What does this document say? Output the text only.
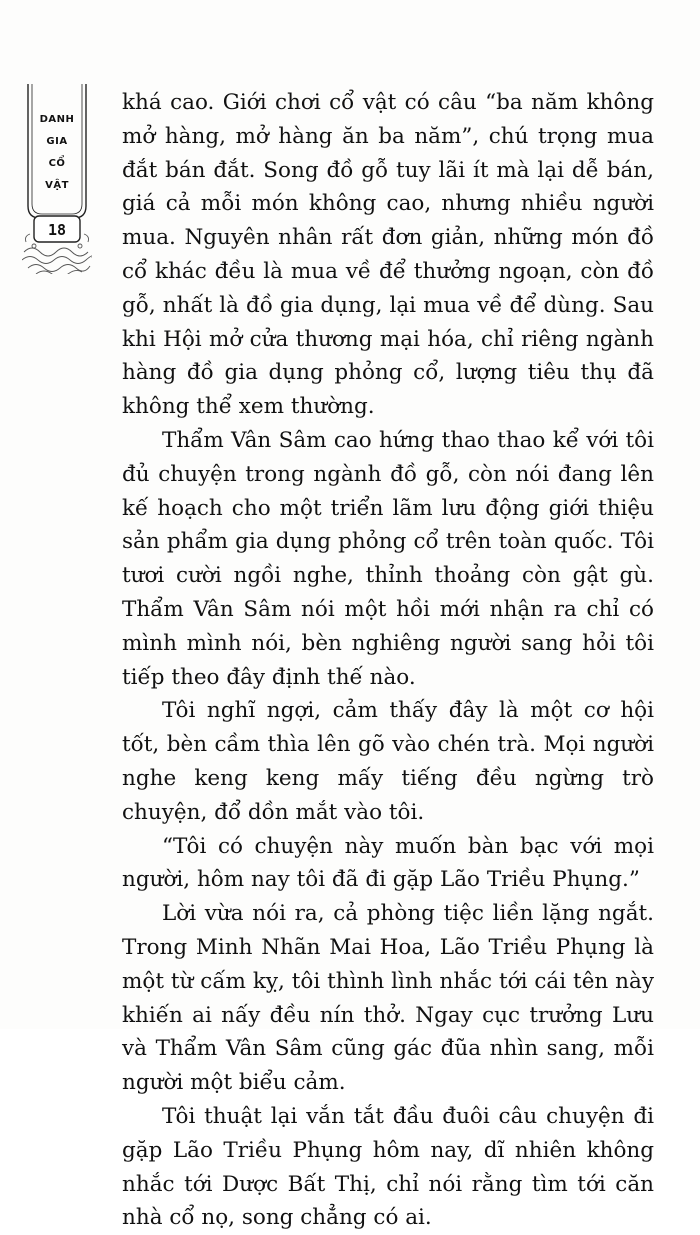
DANH
GIA
CỔ
VẬT
18

khá cao. Giới chơi cổ vật có câu “ba năm không mở hàng, mở hàng ăn ba năm”, chú trọng mua đắt bán đắt. Song đồ gỗ tuy lãi ít mà lại dễ bán, giá cả mỗi món không cao, nhưng nhiều người mua. Nguyên nhân rất đơn giản, những món đồ cổ khác đều là mua về để thưởng ngoạn, còn đồ gỗ, nhất là đồ gia dụng, lại mua về để dùng. Sau khi Hội mở cửa thương mại hóa, chỉ riêng ngành hàng đồ gia dụng phỏng cổ, lượng tiêu thụ đã không thể xem thường.

Thẩm Vân Sâm cao hứng thao thao kể với tôi đủ chuyện trong ngành đồ gỗ, còn nói đang lên kế hoạch cho một triển lãm lưu động giới thiệu sản phẩm gia dụng phỏng cổ trên toàn quốc. Tôi tươi cười ngồi nghe, thỉnh thoảng còn gật gù. Thẩm Vân Sâm nói một hồi mới nhận ra chỉ có mình mình nói, bèn nghiêng người sang hỏi tôi tiếp theo đây định thế nào.

Tôi nghĩ ngợi, cảm thấy đây là một cơ hội tốt, bèn cầm thìa lên gõ vào chén trà. Mọi người nghe keng keng mấy tiếng đều ngừng trò chuyện, đổ dồn mắt vào tôi.

“Tôi có chuyện này muốn bàn bạc với mọi người, hôm nay tôi đã đi gặp Lão Triều Phụng.”

Lời vừa nói ra, cả phòng tiệc liền lặng ngắt. Trong Minh Nhãn Mai Hoa, Lão Triều Phụng là một từ cấm kỵ, tôi thình lình nhắc tới cái tên này khiến ai nấy đều nín thở. Ngay cục trưởng Lưu và Thẩm Vân Sâm cũng gác đũa nhìn sang, mỗi người một biểu cảm.

Tôi thuật lại vắn tắt đầu đuôi câu chuyện đi gặp Lão Triều Phụng hôm nay, dĩ nhiên không nhắc tới Dược Bất Thị, chỉ nói rằng tìm tới căn nhà cổ nọ, song chẳng có ai.
